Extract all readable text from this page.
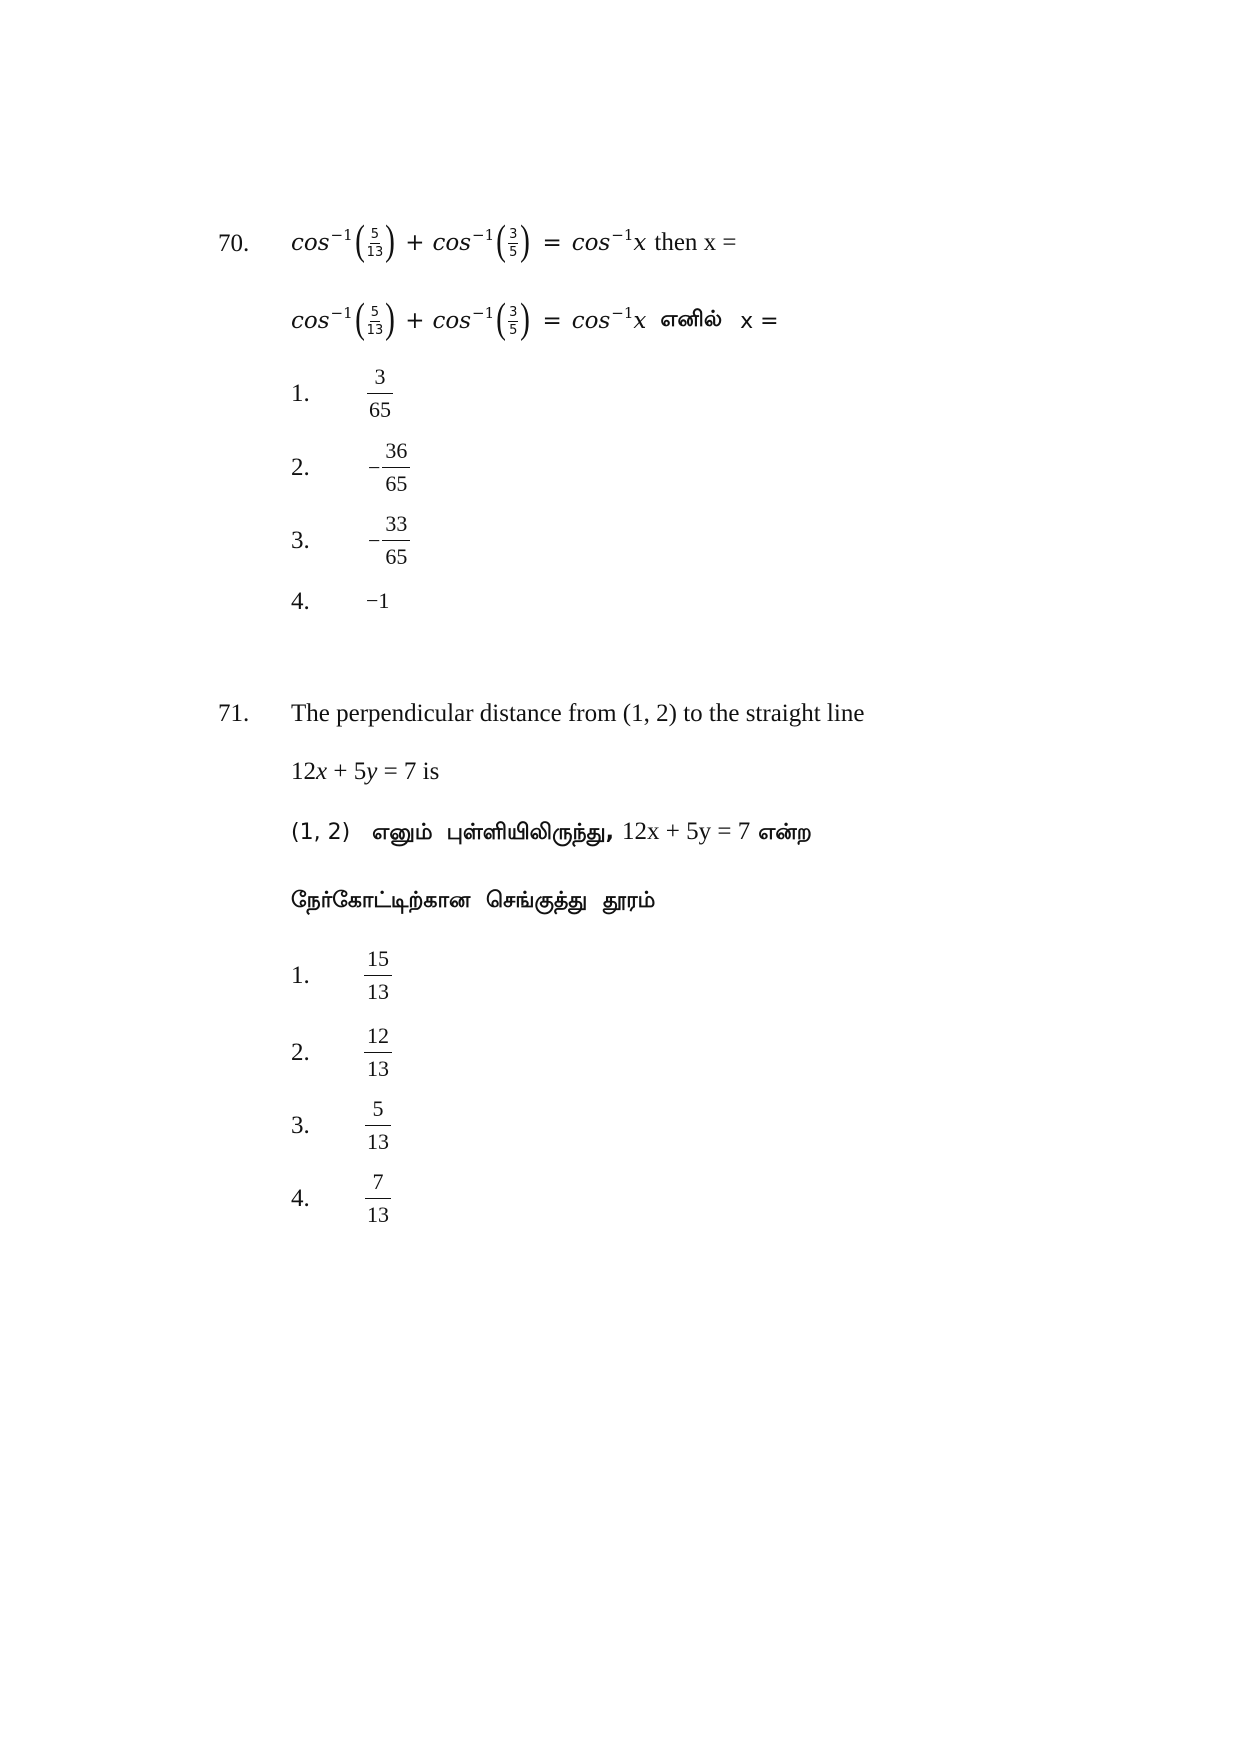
70. $\cos^{-1}$ ( $\frac{5}{13}$ ) + $\cos^{-1}$ ( $\frac{3}{5}$ ) = $\cos^{-1}x$ then x =
$\cos^{-1}$ ( $\frac{5}{13}$ ) + $\cos^{-1}$ ( $\frac{3}{5}$ ) = $\cos^{-1}x$ எனில் x =
1.	$\frac{3}{65}$
2.	− $\frac{36}{65}$
3.	− $\frac{33}{65}$
4.	−1
71. The perpendicular distance from (1, 2) to the straight line
12x + 5y = 7 is
(1, 2) எனும் புள்ளியிலிருந்து, 12x + 5y = 7 என்ற
நேர்கோட்டிற்கான செங்குத்து தூரம்
1. $\frac{15}{13}$
2. $\frac{12}{13}$
3. $\frac{5}{13}$
4. $\frac{7}{13}$
